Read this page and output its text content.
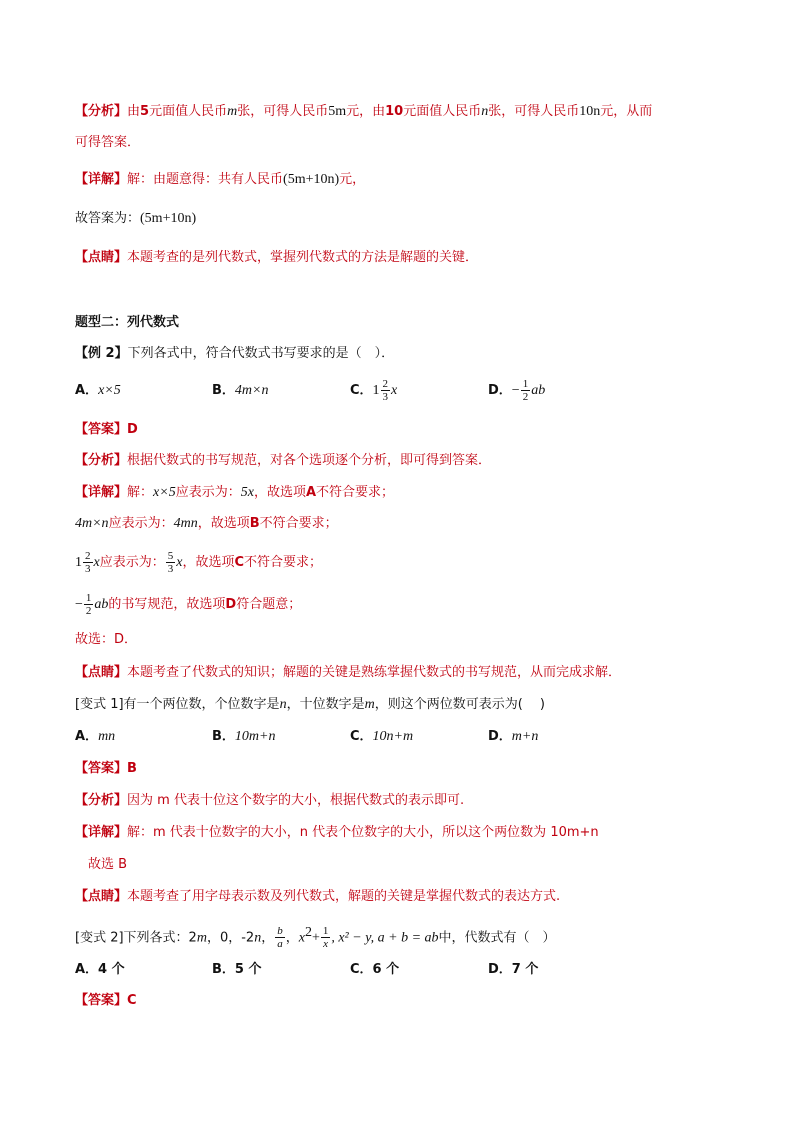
【分析】由5元面值人民币m张，可得人民币5m元，由10元面值人民币n张，可得人民币10n元，从而
可得答案．
【详解】解：由题意得：共有人民币(5m+10n)元，
故答案为：(5m+10n)
【点睛】本题考查的是列代数式，掌握列代数式的方法是解题的关键．
题型二：列代数式
【例 2】下列各式中，符合代数式书写要求的是（　）．
A．x×5	B．4m×n	C．$1 \frac{2}{3}$ x	D．− $\frac{1}{2}$ ab
【答案】D
【分析】根据代数式的书写规范，对各个选项逐个分析，即可得到答案．
【详解】解：x×5应表示为：5x，故选项A不符合要求；
4m×n应表示为：4mn，故选项B不符合要求；
$1 \frac{2}{3}$ x应表示为： $\frac{5}{3}$ x，故选项C不符合要求；
− $\frac{1}{2}$ ab的书写规范，故选项D符合题意；
故选：D．
【点睛】本题考查了代数式的知识；解题的关键是熟练掌握代数式的书写规范，从而完成求解．
[变式 1]有一个两位数，个位数字是n，十位数字是m，则这个两位数可表示为(　 )
A．mn	B．10m+n	C．10n+m	D．m+n
【答案】B
【分析】因为 m 代表十位这个数字的大小，根据代数式的表示即可.
【详解】解：m 代表十位数字的大小，n 代表个位数字的大小，所以这个两位数为 10m+n
故选 B
【点睛】本题考查了用字母表示数及列代数式，解题的关键是掌握代数式的表达方式.
[变式 2]下列各式：2m，0，-2n， $\frac{b}{a}$ ，$x^2+ \frac{1}{x}$ , x² − y, a + b = ab中，代数式有（　）
A．4 个	B．5 个	C．6 个	D．7 个
【答案】C
